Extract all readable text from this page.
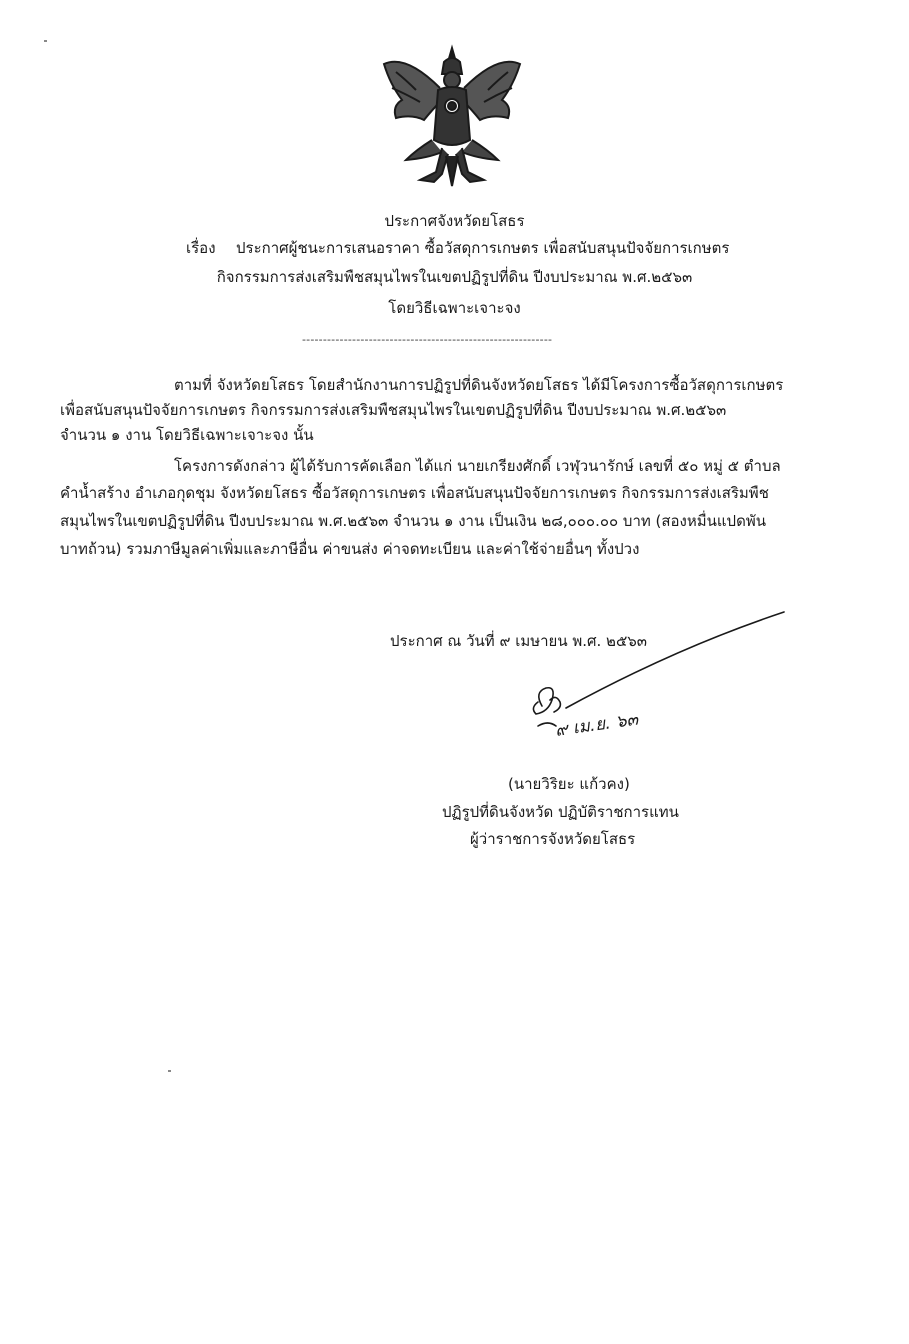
ประกาศจังหวัดยโสธร
เรื่อง ประกาศผู้ชนะการเสนอราคา ซื้อวัสดุการเกษตร เพื่อสนับสนุนปัจจัยการเกษตร
กิจกรรมการส่งเสริมพืชสมุนไพรในเขตปฏิรูปที่ดิน ปีงบประมาณ พ.ศ.๒๕๖๓
โดยวิธีเฉพาะเจาะจง
------------------------------------------------------------
ตามที่ จังหวัดยโสธร โดยสำนักงานการปฏิรูปที่ดินจังหวัดยโสธร ได้มีโครงการซื้อวัสดุการเกษตร
เพื่อสนับสนุนปัจจัยการเกษตร กิจกรรมการส่งเสริมพืชสมุนไพรในเขตปฏิรูปที่ดิน ปีงบประมาณ พ.ศ.๒๕๖๓
จำนวน ๑ งาน โดยวิธีเฉพาะเจาะจง นั้น
โครงการดังกล่าว ผู้ได้รับการคัดเลือก ได้แก่ นายเกรียงศักดิ์ เวฬุวนารักษ์ เลขที่ ๕๐ หมู่ ๕ ตำบล
คำน้ำสร้าง อำเภอกุดชุม จังหวัดยโสธร ซื้อวัสดุการเกษตร เพื่อสนับสนุนปัจจัยการเกษตร กิจกรรมการส่งเสริมพืช
สมุนไพรในเขตปฏิรูปที่ดิน ปีงบประมาณ พ.ศ.๒๕๖๓ จำนวน ๑ งาน เป็นเงิน ๒๘,๐๐๐.๐๐ บาท (สองหมื่นแปดพัน
บาทถ้วน) รวมภาษีมูลค่าเพิ่มและภาษีอื่น ค่าขนส่ง ค่าจดทะเบียน และค่าใช้จ่ายอื่นๆ ทั้งปวง
ประกาศ ณ วันที่ ๙ เมษายน พ.ศ. ๒๕๖๓
๙ เม.ย. ๖๓
(นายวิริยะ แก้วคง)
ปฏิรูปที่ดินจังหวัด ปฏิบัติราชการแทน
ผู้ว่าราชการจังหวัดยโสธร
